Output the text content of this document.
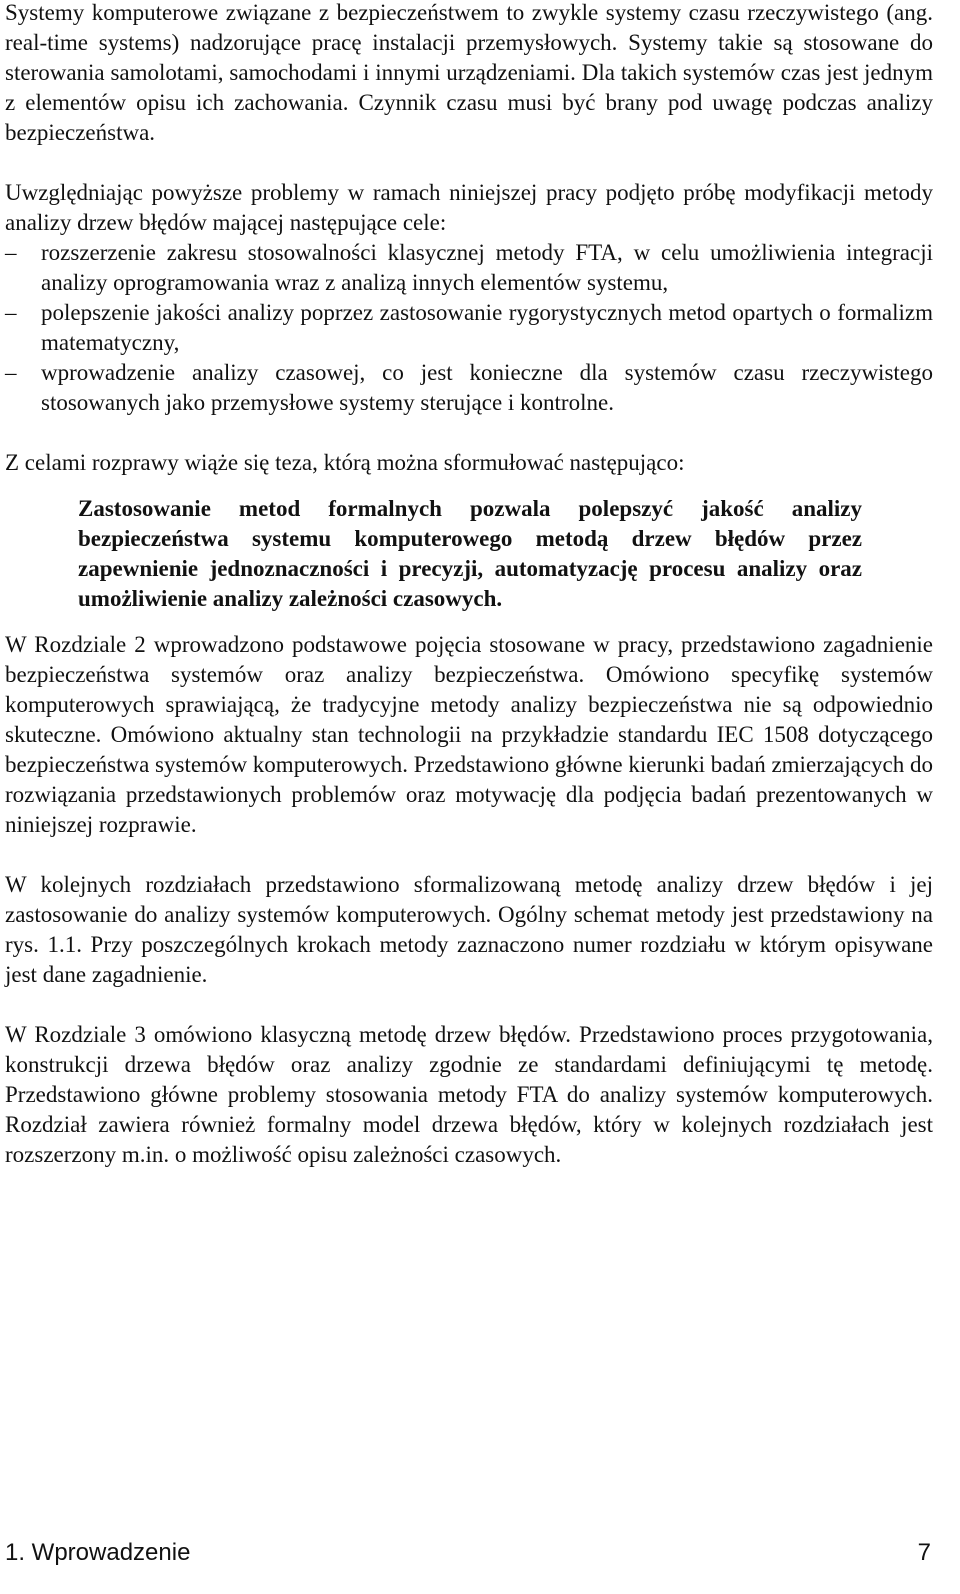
Systemy komputerowe związane z bezpieczeństwem to zwykle systemy czasu rzeczywistego (ang. real-time systems) nadzorujące pracę instalacji przemysłowych. Systemy takie są stosowane do sterowania samolotami, samochodami i innymi urządzeniami. Dla takich systemów czas jest jednym z elementów opisu ich zachowania. Czynnik czasu musi być brany pod uwagę podczas analizy bezpieczeństwa.

Uwzględniając powyższe problemy w ramach niniejszej pracy podjęto próbę modyfikacji metody analizy drzew błędów mającej następujące cele:

–	rozszerzenie zakresu stosowalności klasycznej metody FTA, w celu umożliwienia integracji analizy oprogramowania wraz z analizą innych elementów systemu,
–	polepszenie jakości analizy poprzez zastosowanie rygorystycznych metod opartych o formalizm matematyczny,
–	wprowadzenie analizy czasowej, co jest konieczne dla systemów czasu rzeczywistego stosowanych jako przemysłowe systemy sterujące i kontrolne.

Z celami rozprawy wiąże się teza, którą można sformułować następująco:

Zastosowanie metod formalnych pozwala polepszyć jakość analizy bezpieczeństwa systemu komputerowego metodą drzew błędów przez zapewnienie jednoznaczności i precyzji, automatyzację procesu analizy oraz umożliwienie analizy zależności czasowych.

W Rozdziale 2 wprowadzono podstawowe pojęcia stosowane w pracy, przedstawiono zagadnienie bezpieczeństwa systemów oraz analizy bezpieczeństwa. Omówiono specyfikę systemów komputerowych sprawiającą, że tradycyjne metody analizy bezpieczeństwa nie są odpowiednio skuteczne. Omówiono aktualny stan technologii na przykładzie standardu IEC 1508 dotyczącego bezpieczeństwa systemów komputerowych. Przedstawiono główne kierunki badań zmierzających do rozwiązania przedstawionych problemów oraz motywację dla podjęcia badań prezentowanych w niniejszej rozprawie.

W kolejnych rozdziałach przedstawiono sformalizowaną metodę analizy drzew błędów i jej zastosowanie do analizy systemów komputerowych. Ogólny schemat metody jest przedstawiony na rys. 1.1. Przy poszczególnych krokach metody zaznaczono numer rozdziału w którym opisywane jest dane zagadnienie.

W Rozdziale 3 omówiono klasyczną metodę drzew błędów. Przedstawiono proces przygotowania, konstrukcji drzewa błędów oraz analizy zgodnie ze standardami definiującymi tę metodę. Przedstawiono główne problemy stosowania metody FTA do analizy systemów komputerowych. Rozdział zawiera również formalny model drzewa błędów, który w kolejnych rozdziałach jest rozszerzony m.in. o możliwość opisu zależności czasowych.

1. Wprowadzenie	7
